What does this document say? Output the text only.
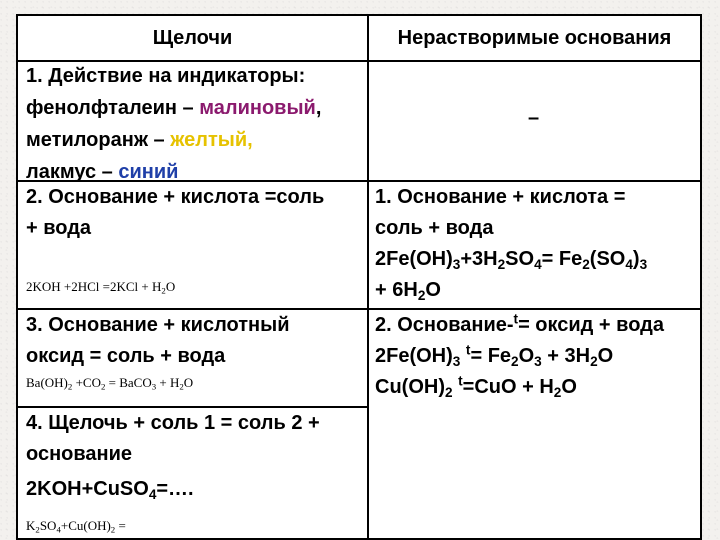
Щелочи	Нерастворимые основания
1. Действие на индикаторы:
фенолфталеин – малиновый,
метилоранж – желтый,
лакмус – синий
–
2. Основание + кислота =соль
+ вода
$2KOH +2HCl =2KCl + H_2O$
1. Основание + кислота =
соль + вода
$2Fe(OH)_3+3H_2SO_4= Fe_2(SO_4)_3$
+ $6H_2O$
3. Основание + кислотный
оксид = соль + вода
$Ba(OH)_2 +CO_2$ = BaCO$_3$ + $H_2O$
2. Основание-$^t$= оксид + вода
$2Fe(OH)_3$ $^t= Fe_2O_3 + 3H_2O$
$Cu(OH)_2$ $^t=CuO + H_2O$
4. Щелочь + соль 1 = соль 2 +
основание
2KOH+CuSO$_4$=….
$K_2SO_4+Cu(OH)_2$ =
